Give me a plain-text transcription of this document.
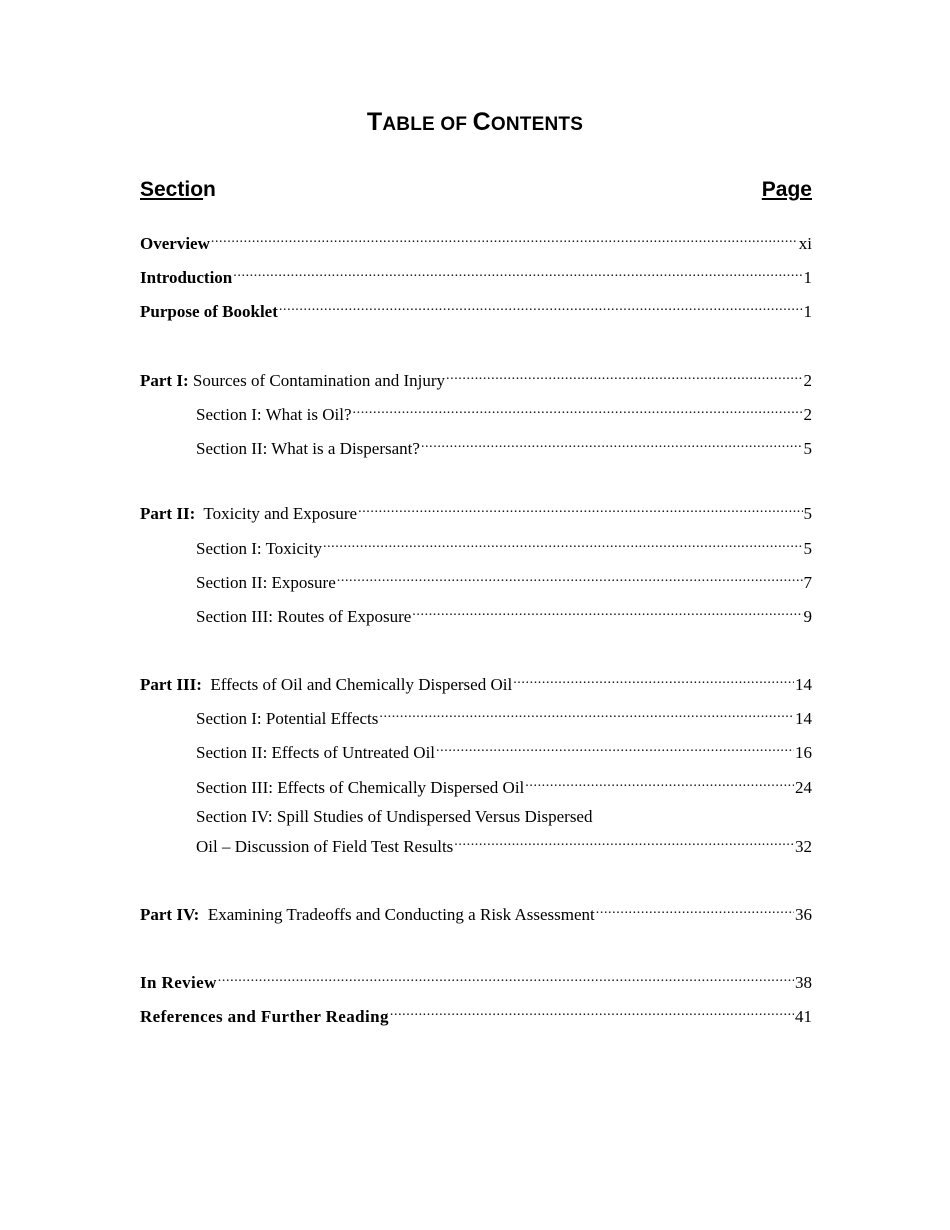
TABLE OF CONTENTS
Section	Page
Overview .....	xi
Introduction .....	1
Purpose of Booklet .....	1
Part I: Sources of Contamination and Injury .....	2
Section I: What is Oil? .....	2
Section II: What is a Dispersant? .....	5
Part II: Toxicity and Exposure .....	5
Section I: Toxicity .....	5
Section II: Exposure .....	7
Section III: Routes of Exposure .....	9
Part III: Effects of Oil and Chemically Dispersed Oil .....	14
Section I: Potential Effects .....	14
Section II: Effects of Untreated Oil .....	16
Section III: Effects of Chemically Dispersed Oil .....	24
Section IV: Spill Studies of Undispersed Versus Dispersed
Oil – Discussion of Field Test Results .....	32
Part IV: Examining Tradeoffs and Conducting a Risk Assessment .....	36
In Review .....	38
References and Further Reading .....	41
